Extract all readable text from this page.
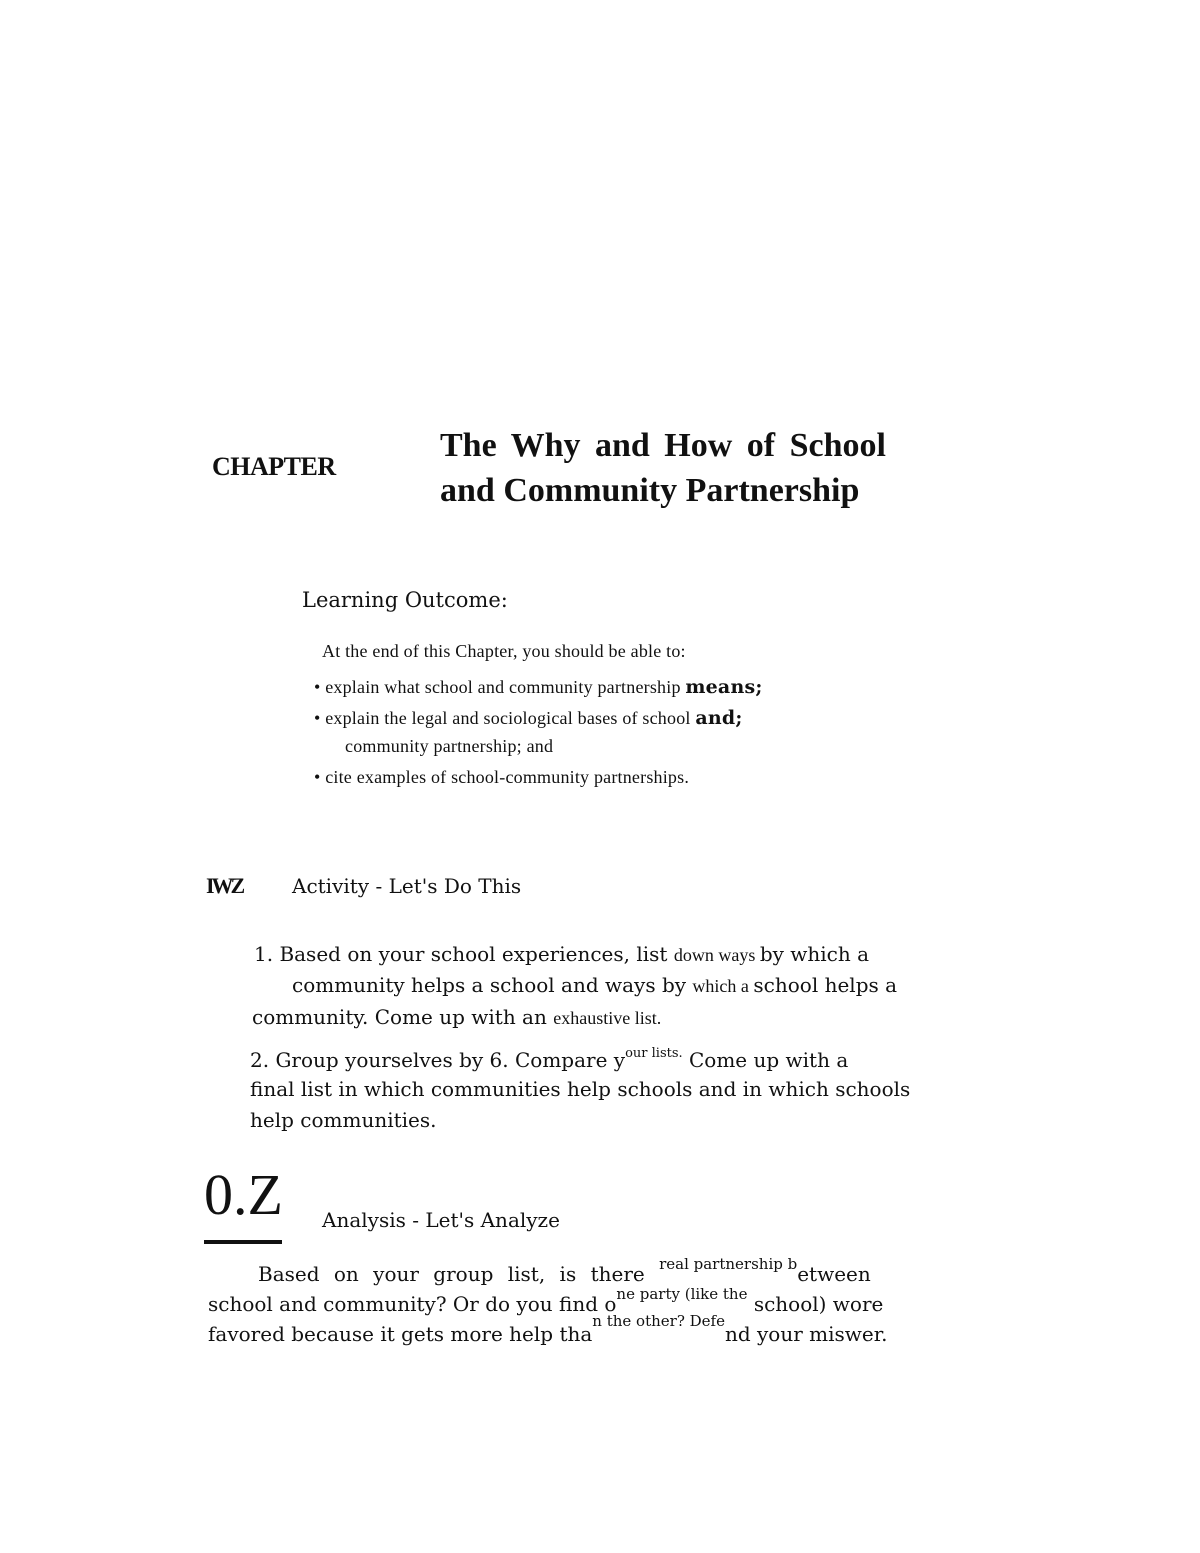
CHAPTER
The Why and How of School
and Community Partnership
Learning Outcome:
At the end of this Chapter, you should be able to:
• explain what school and community partnership means;
• explain the legal and sociological bases of school and;
community partnership; and
• cite examples of school-community partnerships.
IWZ Activity - Let's Do This
1. Based on your school experiences, list down ways by which a
community helps a school and ways by which a school helps a
community. Come up with an exhaustive list.
2. Group yourselves by 6. Compare $y^{our lists.}$ Come up with a
final list in which communities help schools and in which schools
help communities.
0.Z Analysis - Let's Analyze
Based on your group list, is there $^{real partnership b}$etween
school and community? Or do you find $o^{ne party (like the}$ school) wore
favored because it gets more help tha$^{n the other? Defe}$nd your miswer.
